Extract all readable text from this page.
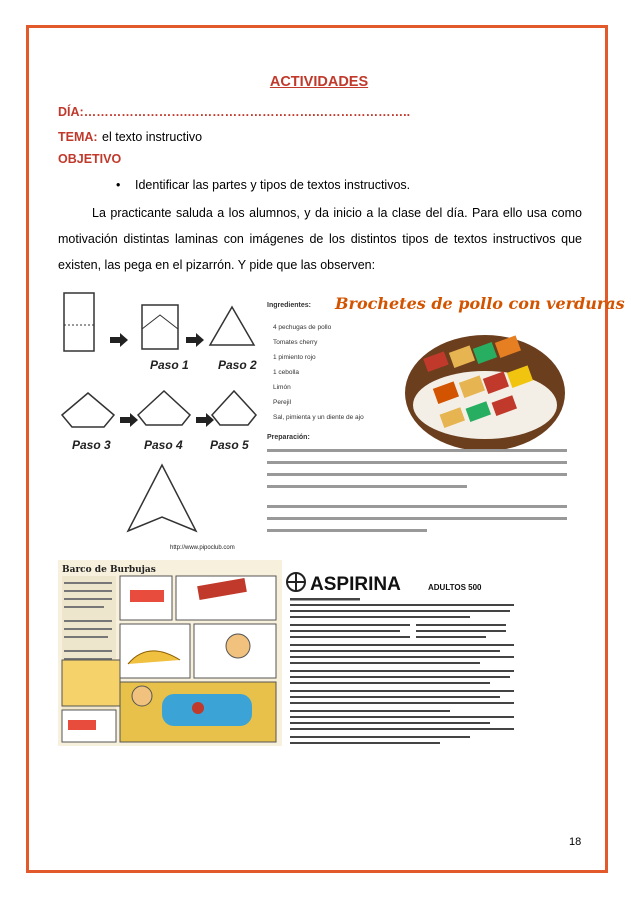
ACTIVIDADES
DÍA:…………………….………………………….…………………..
TEMA: el texto instructivo
OBJETIVO
• Identificar las partes y tipos de textos instructivos.
La practicante saluda a los alumnos, y da inicio a la clase del día. Para ello usa como motivación distintas laminas con imágenes de los distintos tipos de textos instructivos que existen, las pega en el pizarrón. Y pide que las observen:
Paso 1 Paso 2
Paso 3	Paso 4 Paso 5
http://www.pipoclub.com
Brochetes de pollo con verduras
Ingredientes:
4 pechugas de pollo
Tomates cherry
1 pimiento rojo
1 cebolla
Limón
Perejil
Sal, pimienta y un diente de ajo
Preparación:
Barco de Burbujas
ASPIRINA	ADULTOS 500
18
